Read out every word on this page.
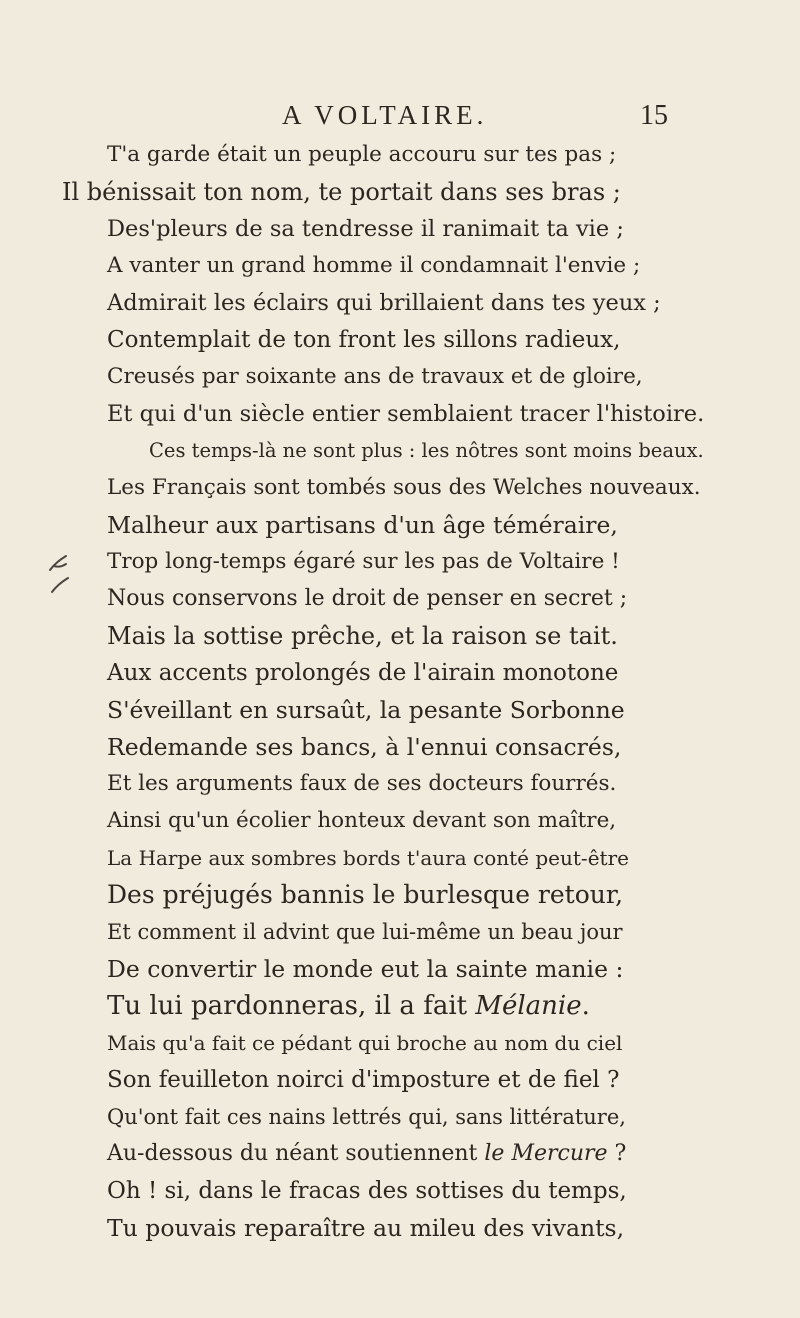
A VOLTAIRE.	15
T'a garde était un peuple accouru sur tes pas ;
Il bénissait ton nom, te portait dans ses bras ;
Des'pleurs de sa tendresse il ranimait ta vie ;
A vanter un grand homme il condamnait l'envie ;
Admirait les éclairs qui brillaient dans tes yeux ;
Contemplait de ton front les sillons radieux,
Creusés par soixante ans de travaux et de gloire,
Et qui d'un siècle entier semblaient tracer l'histoire.
Ces temps-là ne sont plus : les nôtres sont moins beaux.
Les Français sont tombés sous des Welches nouveaux.
Malheur aux partisans d'un âge téméraire,
Trop long-temps égaré sur les pas de Voltaire !
Nous conservons le droit de penser en secret ;
Mais la sottise prêche, et la raison se tait.
Aux accents prolongés de l'airain monotone
S'éveillant en sursaût, la pesante Sorbonne
Redemande ses bancs, à l'ennui consacrés,
Et les arguments faux de ses docteurs fourrés.
Ainsi qu'un écolier honteux devant son maître,
La Harpe aux sombres bords t'aura conté peut-être
Des préjugés bannis le burlesque retour,
Et comment il advint que lui-même un beau jour
De convertir le monde eut la sainte manie :
Tu lui pardonneras, il a fait Mélanie.
Mais qu'a fait ce pédant qui broche au nom du ciel
Son feuilleton noirci d'imposture et de fiel ?
Qu'ont fait ces nains lettrés qui, sans littérature,
Au-dessous du néant soutiennent le Mercure ?
Oh ! si, dans le fracas des sottises du temps,
Tu pouvais reparaître au mileu des vivants,
